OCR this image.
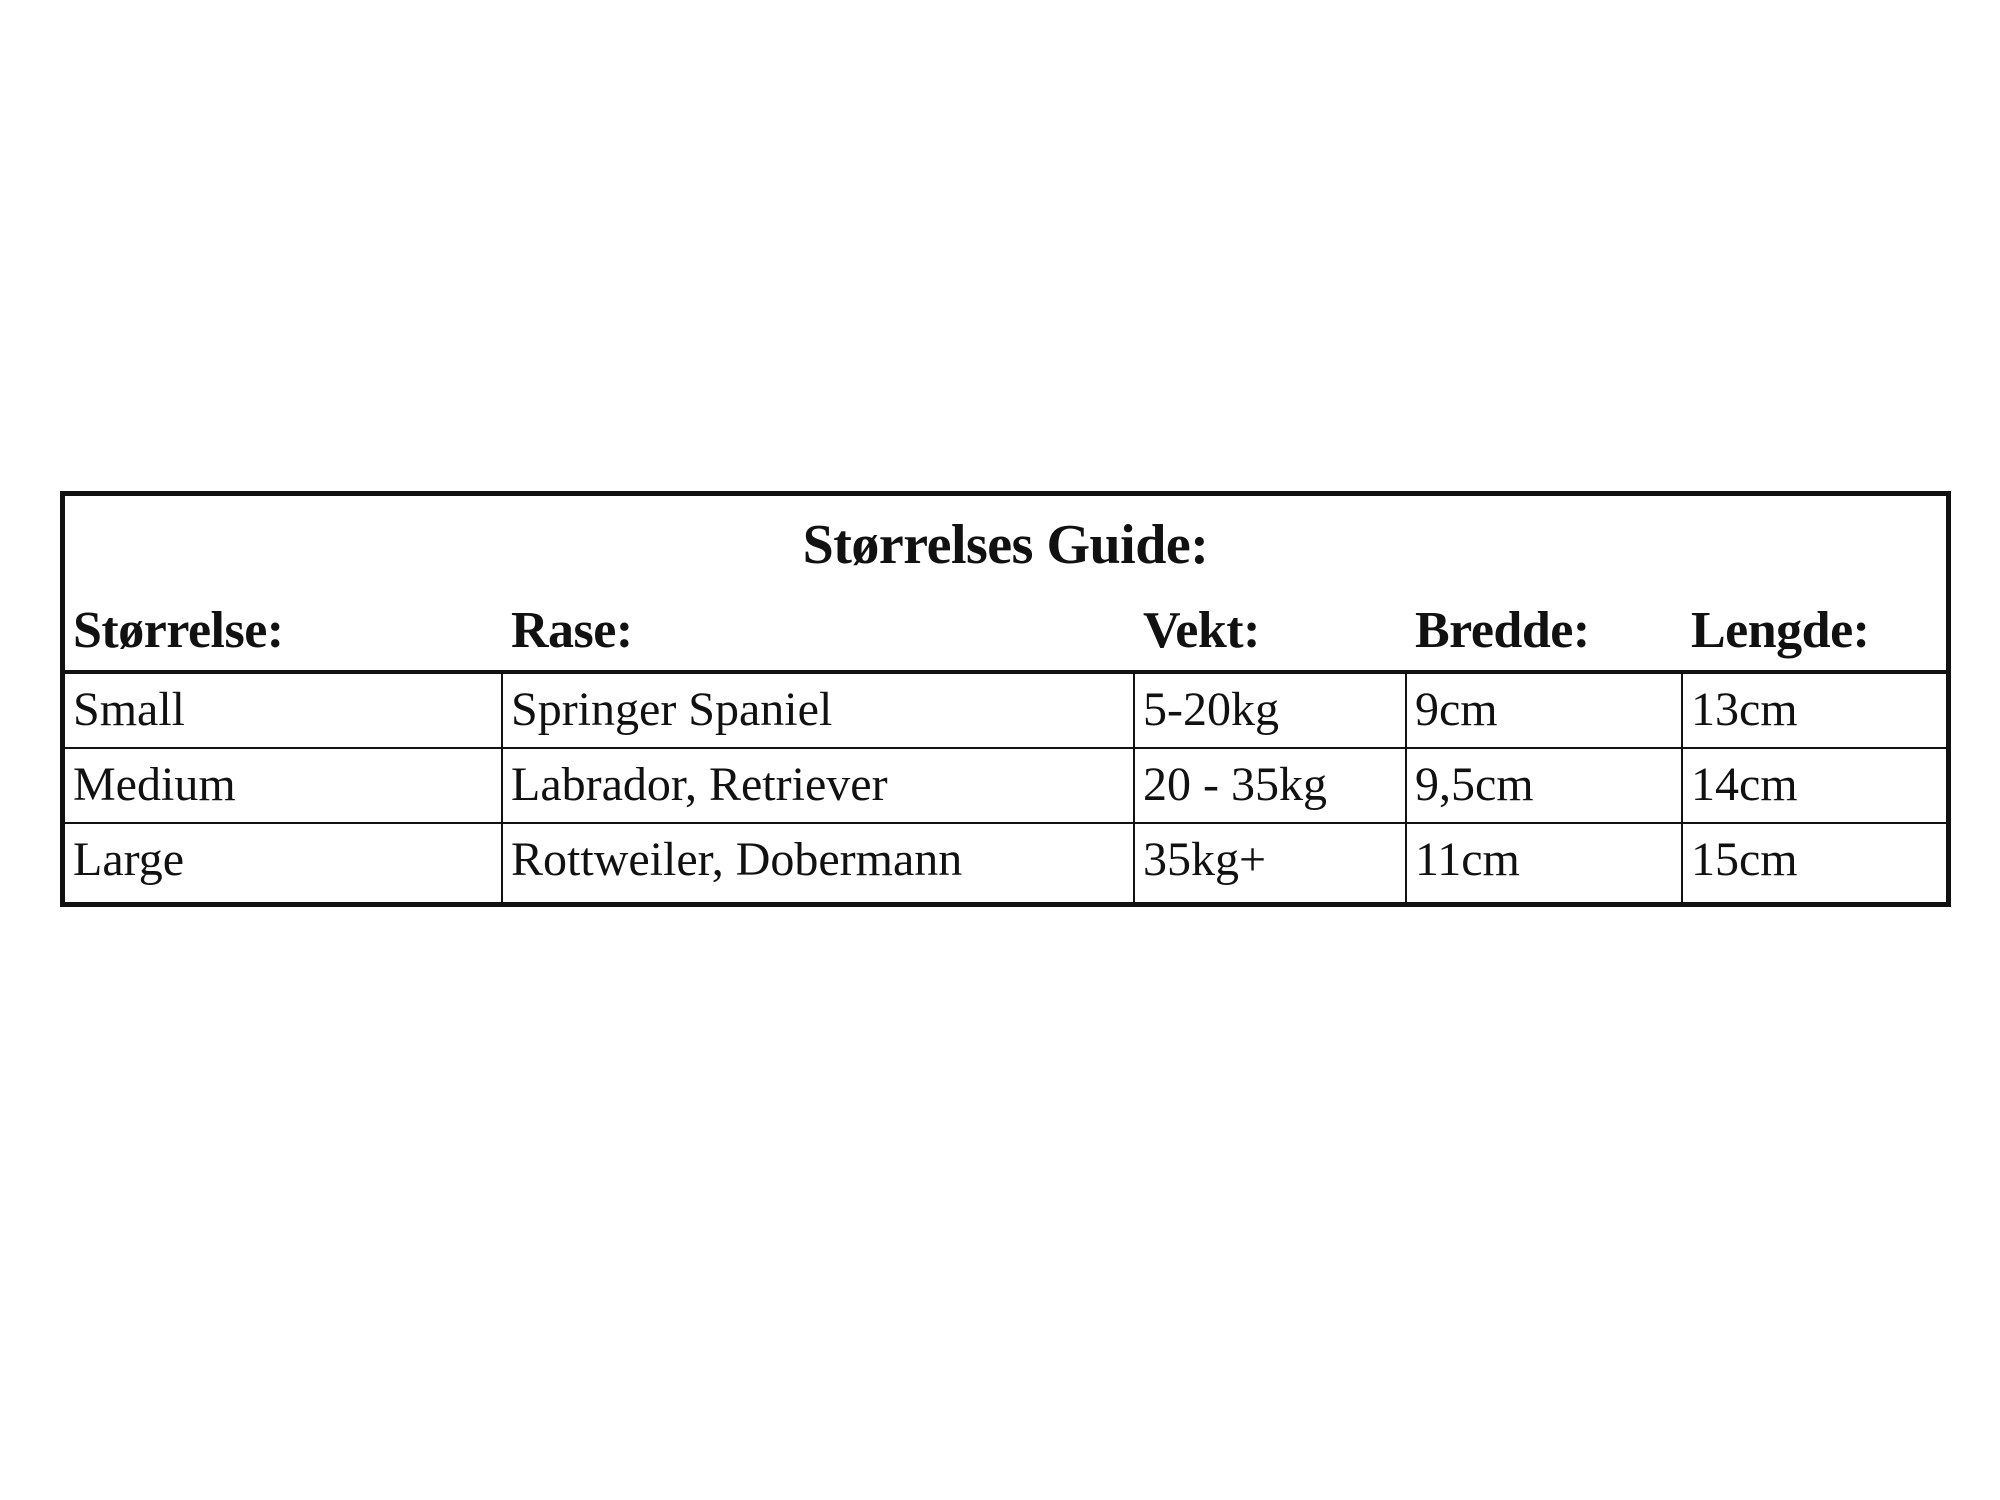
Størrelses Guide:
Størrelse:	Rase:	Vekt:	Bredde:	Lengde:
Small	Springer Spaniel	5-20kg	9cm	13cm
Medium	Labrador, Retriever	20 - 35kg	9,5cm	14cm
Large	Rottweiler, Dobermann	35kg+	11cm	15cm
